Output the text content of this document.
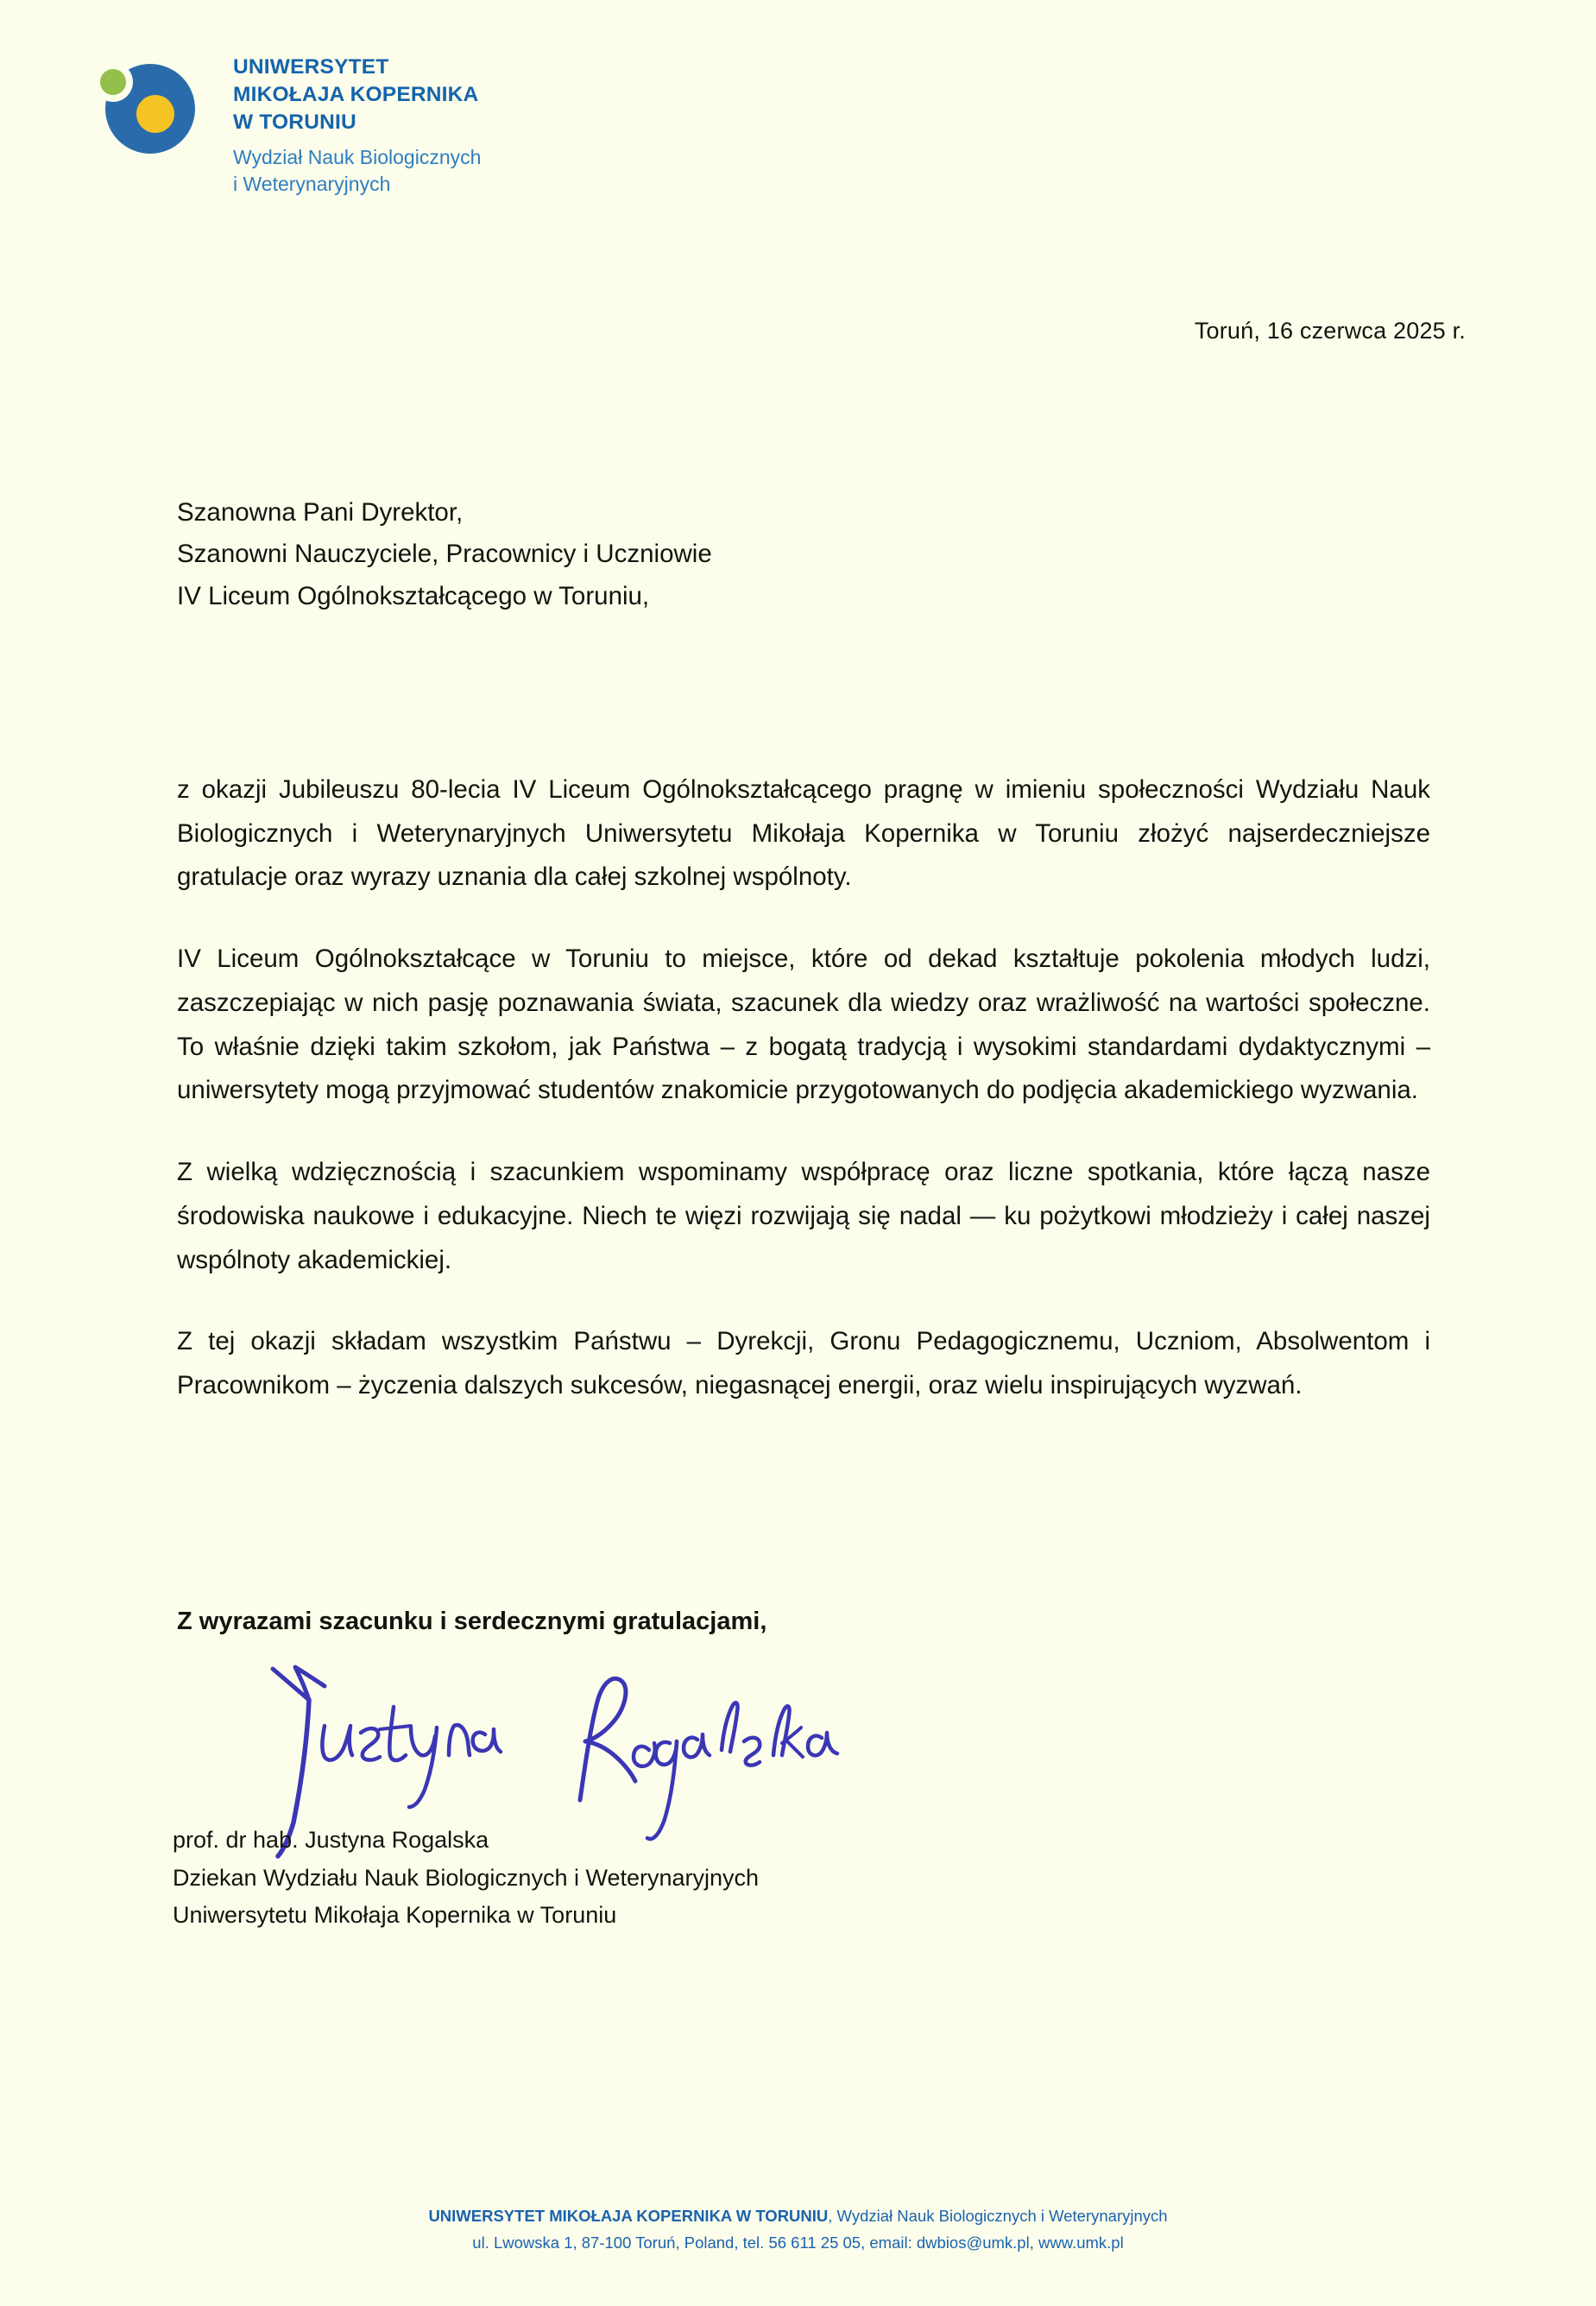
UNIWERSYTET
MIKOŁAJA KOPERNIKA
W TORUNIU
Wydział Nauk Biologicznych
i Weterynaryjnych
Toruń, 16 czerwca 2025 r.
Szanowna Pani Dyrektor,
Szanowni Nauczyciele, Pracownicy i Uczniowie
IV Liceum Ogólnokształcącego w Toruniu,

z okazji Jubileuszu 80-lecia IV Liceum Ogólnokształcącego pragnę w imieniu społeczności Wydziału Nauk Biologicznych i Weterynaryjnych Uniwersytetu Mikołaja Kopernika w Toruniu złożyć najserdeczniejsze gratulacje oraz wyrazy uznania dla całej szkolnej wspólnoty.

IV Liceum Ogólnokształcące w Toruniu to miejsce, które od dekad kształtuje pokolenia młodych ludzi, zaszczepiając w nich pasję poznawania świata, szacunek dla wiedzy oraz wrażliwość na wartości społeczne. To właśnie dzięki takim szkołom, jak Państwa – z bogatą tradycją i wysokimi standardami dydaktycznymi – uniwersytety mogą przyjmować studentów znakomicie przygotowanych do podjęcia akademickiego wyzwania.

Z wielką wdzięcznością i szacunkiem wspominamy współpracę oraz liczne spotkania, które łączą nasze środowiska naukowe i edukacyjne. Niech te więzi rozwijają się nadal — ku pożytkowi młodzieży i całej naszej wspólnoty akademickiej.

Z tej okazji składam wszystkim Państwu – Dyrekcji, Gronu Pedagogicznemu, Uczniom, Absolwentom i Pracownikom – życzenia dalszych sukcesów, niegasnącej energii, oraz wielu inspirujących wyzwań.

Z wyrazami szacunku i serdecznymi gratulacjami,
prof. dr hab. Justyna Rogalska
Dziekan Wydziału Nauk Biologicznych i Weterynaryjnych
Uniwersytetu Mikołaja Kopernika w Toruniu
UNIWERSYTET MIKOŁAJA KOPERNIKA W TORUNIU, Wydział Nauk Biologicznych i Weterynaryjnych
ul. Lwowska 1, 87-100 Toruń, Poland, tel. 56 611 25 05, email: dwbios@umk.pl, www.umk.pl
